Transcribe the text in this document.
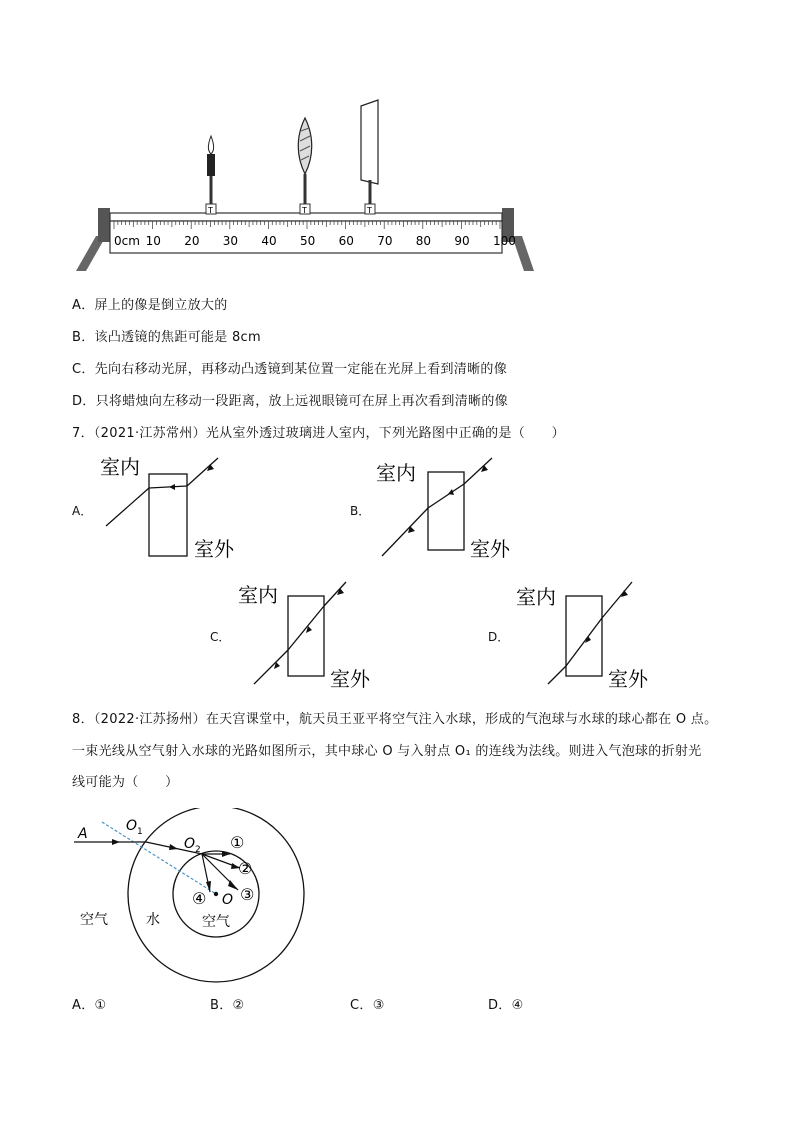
0cm 10 20 30 40 50 60 70 80 90 100
T	T	T
A．屏上的像是倒立放大的
B．该凸透镜的焦距可能是 8cm
C．先向右移动光屏，再移动凸透镜到某位置一定能在光屏上看到清晰的像
D．只将蜡烛向左移动一段距离，放上远视眼镜可在屏上再次看到清晰的像
7．（2021·江苏常州）光从室外透过玻璃进人室内，下列光路图中正确的是（　　）
A．
室内
室外
B．
室内
室外
C．
室内
室外
D．
室内
室外
8．（2022·江苏扬州）在天宫课堂中，航天员王亚平将空气注入水球，形成的气泡球与水球的球心都在 O 点。
一束光线从空气射入水球的光路如图所示，其中球心 O 与入射点 O₁ 的连线为法线。则进入气泡球的折射光
线可能为（　　）
A	O 1
O 2
O
①
②
③
④
空气	水	空气
A．①	B．②	C．③	D．④
